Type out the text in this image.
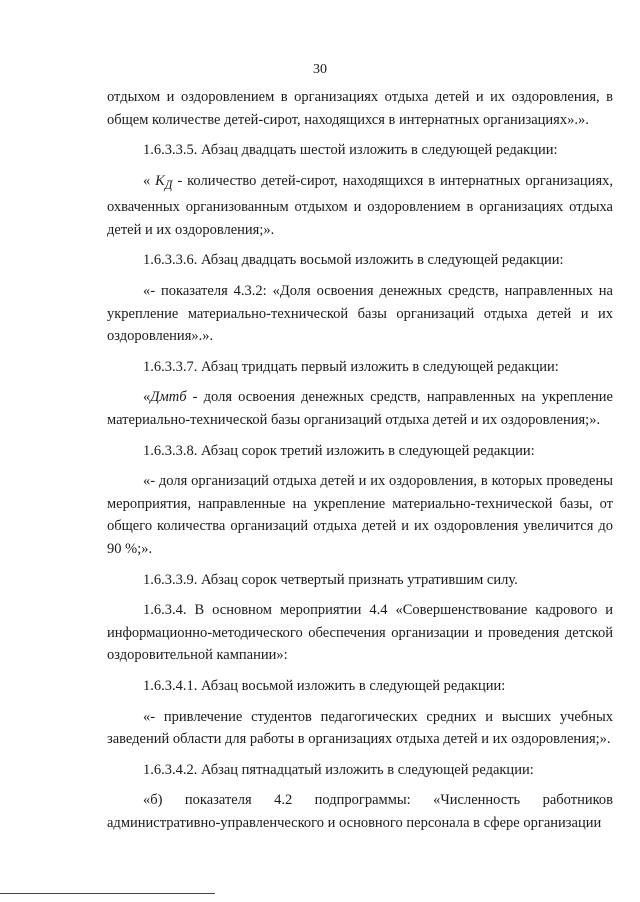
30

отдыхом и оздоровлением в организациях отдыха детей и их оздоровления, в общем количестве детей-сирот, находящихся в интернатных организациях».».

1.6.3.3.5. Абзац двадцать шестой изложить в следующей редакции:

« $К_Д$ - количество детей-сирот, находящихся в интернатных организациях, охваченных организованным отдыхом и оздоровлением в организациях отдыха детей и их оздоровления;».

1.6.3.3.6. Абзац двадцать восьмой изложить в следующей редакции:

«- показателя 4.3.2: «Доля освоения денежных средств, направленных на укрепление материально-технической базы организаций отдыха детей и их оздоровления».».

1.6.3.3.7. Абзац тридцать первый изложить в следующей редакции:

«Дмтб - доля освоения денежных средств, направленных на укрепление материально-технической базы организаций отдыха детей и их оздоровления;».

1.6.3.3.8. Абзац сорок третий изложить в следующей редакции:

«- доля организаций отдыха детей и их оздоровления, в которых проведены мероприятия, направленные на укрепление материально-технической базы, от общего количества организаций отдыха детей и их оздоровления увеличится до 90 %;».

1.6.3.3.9. Абзац сорок четвертый признать утратившим силу.

1.6.3.4. В основном мероприятии 4.4 «Совершенствование кадрового и информационно-методического обеспечения организации и проведения детской оздоровительной кампании»:

1.6.3.4.1. Абзац восьмой изложить в следующей редакции:

«- привлечение студентов педагогических средних и высших учебных заведений области для работы в организациях отдыха детей и их оздоровления;».

1.6.3.4.2. Абзац пятнадцатый изложить в следующей редакции:

«б) показателя 4.2 подпрограммы: «Численность работников административно-управленческого и основного персонала в сфере организации
